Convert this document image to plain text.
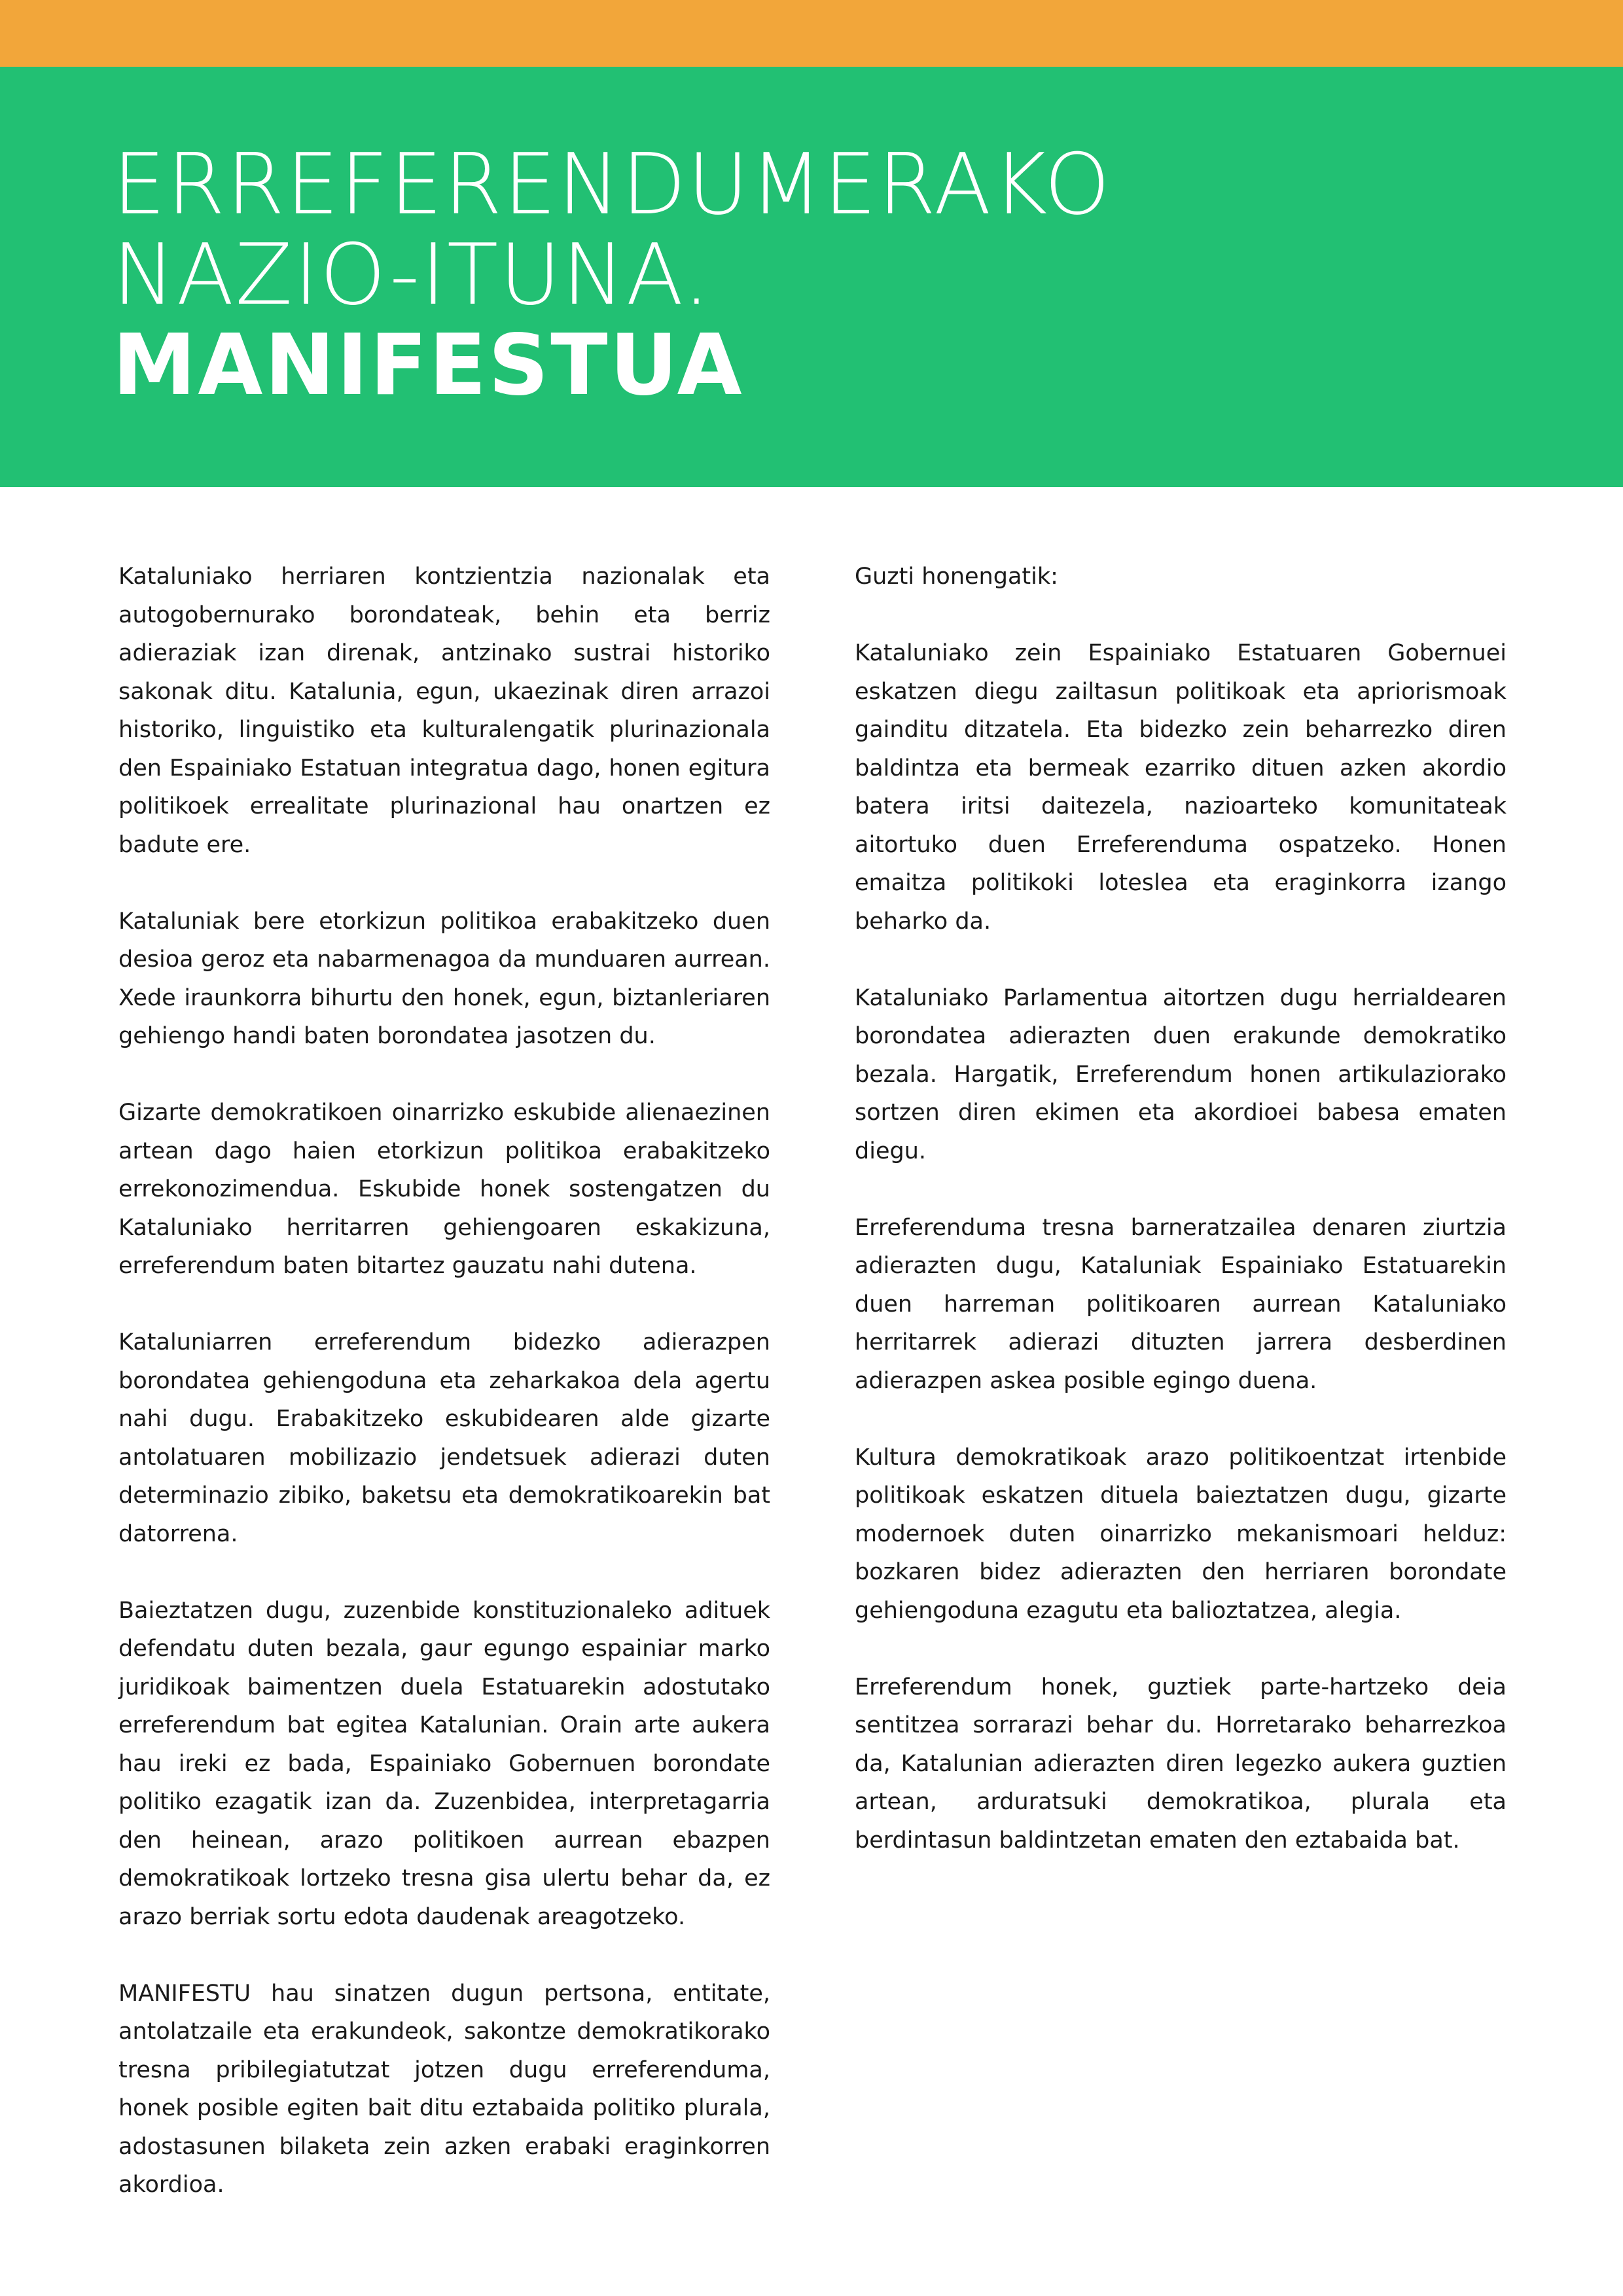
ERREFERENDUMERAKO
NAZIO-ITUNA.
MANIFESTUA

Kataluniako herriaren kontzientzia nazionalak eta autogobernurako borondateak, behin eta berriz adieraziak izan direnak, antzinako sustrai historiko sakonak ditu. Katalunia, egun, ukaezinak diren arrazoi historiko, linguistiko eta kulturalengatik plurinazionala den Espainiako Estatuan integratua dago, honen egitura politikoek errealitate plurinazional hau onartzen ez badute ere.

Kataluniak bere etorkizun politikoa erabakitzeko duen desioa geroz eta nabarmenagoa da munduaren aurrean. Xede iraunkorra bihurtu den honek, egun, biztanleriaren gehiengo handi baten borondatea jasotzen du.

Gizarte demokratikoen oinarrizko eskubide alienaezinen artean dago haien etorkizun politikoa erabakitzeko errekonozimendua. Eskubide honek sostengatzen du Kataluniako herritarren gehiengoaren eskakizuna, erreferendum baten bitartez gauzatu nahi dutena.

Kataluniarren erreferendum bidezko adierazpen borondatea gehiengoduna eta zeharkakoa dela agertu nahi dugu. Erabakitzeko eskubidearen alde gizarte antolatuaren mobilizazio jendetsuek adierazi duten determinazio zibiko, baketsu eta demokratikoarekin bat datorrena.

Baieztatzen dugu, zuzenbide konstituzionaleko adituek defendatu duten bezala, gaur egungo espainiar marko juridikoak baimentzen duela Estatuarekin adostutako erreferendum bat egitea Katalunian. Orain arte aukera hau ireki ez bada, Espainiako Gobernuen borondate politiko ezagatik izan da. Zuzenbidea, interpretagarria den heinean, arazo politikoen aurrean ebazpen demokratikoak lortzeko tresna gisa ulertu behar da, ez arazo berriak sortu edota daudenak areagotzeko.

MANIFESTU hau sinatzen dugun pertsona, entitate, antolatzaile eta erakundeok, sakontze demokratikorako tresna pribilegiatutzat jotzen dugu erreferenduma, honek posible egiten bait ditu eztabaida politiko plurala, adostasunen bilaketa zein azken erabaki eraginkorren akordioa.

Guzti honengatik:

Kataluniako zein Espainiako Estatuaren Gobernuei eskatzen diegu zailtasun politikoak eta apriorismoak gainditu ditzatela. Eta bidezko zein beharrezko diren baldintza eta bermeak ezarriko dituen azken akordio batera iritsi daitezela, nazioarteko komunitateak aitortuko duen Erreferenduma ospatzeko. Honen emaitza politikoki loteslea eta eraginkorra izango beharko da.

Kataluniako Parlamentua aitortzen dugu herrialdearen borondatea adierazten duen erakunde demokratiko bezala. Hargatik, Erreferendum honen artikulaziorako sortzen diren ekimen eta akordioei babesa ematen diegu.

Erreferenduma tresna barneratzailea denaren ziurtzia adierazten dugu, Kataluniak Espainiako Estatuarekin duen harreman politikoaren aurrean Kataluniako herritarrek adierazi dituzten jarrera desberdinen adierazpen askea posible egingo duena.

Kultura demokratikoak arazo politikoentzat irtenbide politikoak eskatzen dituela baieztatzen dugu, gizarte modernoek duten oinarrizko mekanismoari helduz: bozkaren bidez adierazten den herriaren borondate gehiengoduna ezagutu eta balioztatzea, alegia.

Erreferendum honek, guztiek parte-hartzeko deia sentitzea sorrarazi behar du. Horretarako beharrezkoa da, Katalunian adierazten diren legezko aukera guztien artean, arduratsuki demokratikoa, plurala eta berdintasun baldintzetan ematen den eztabaida bat.
